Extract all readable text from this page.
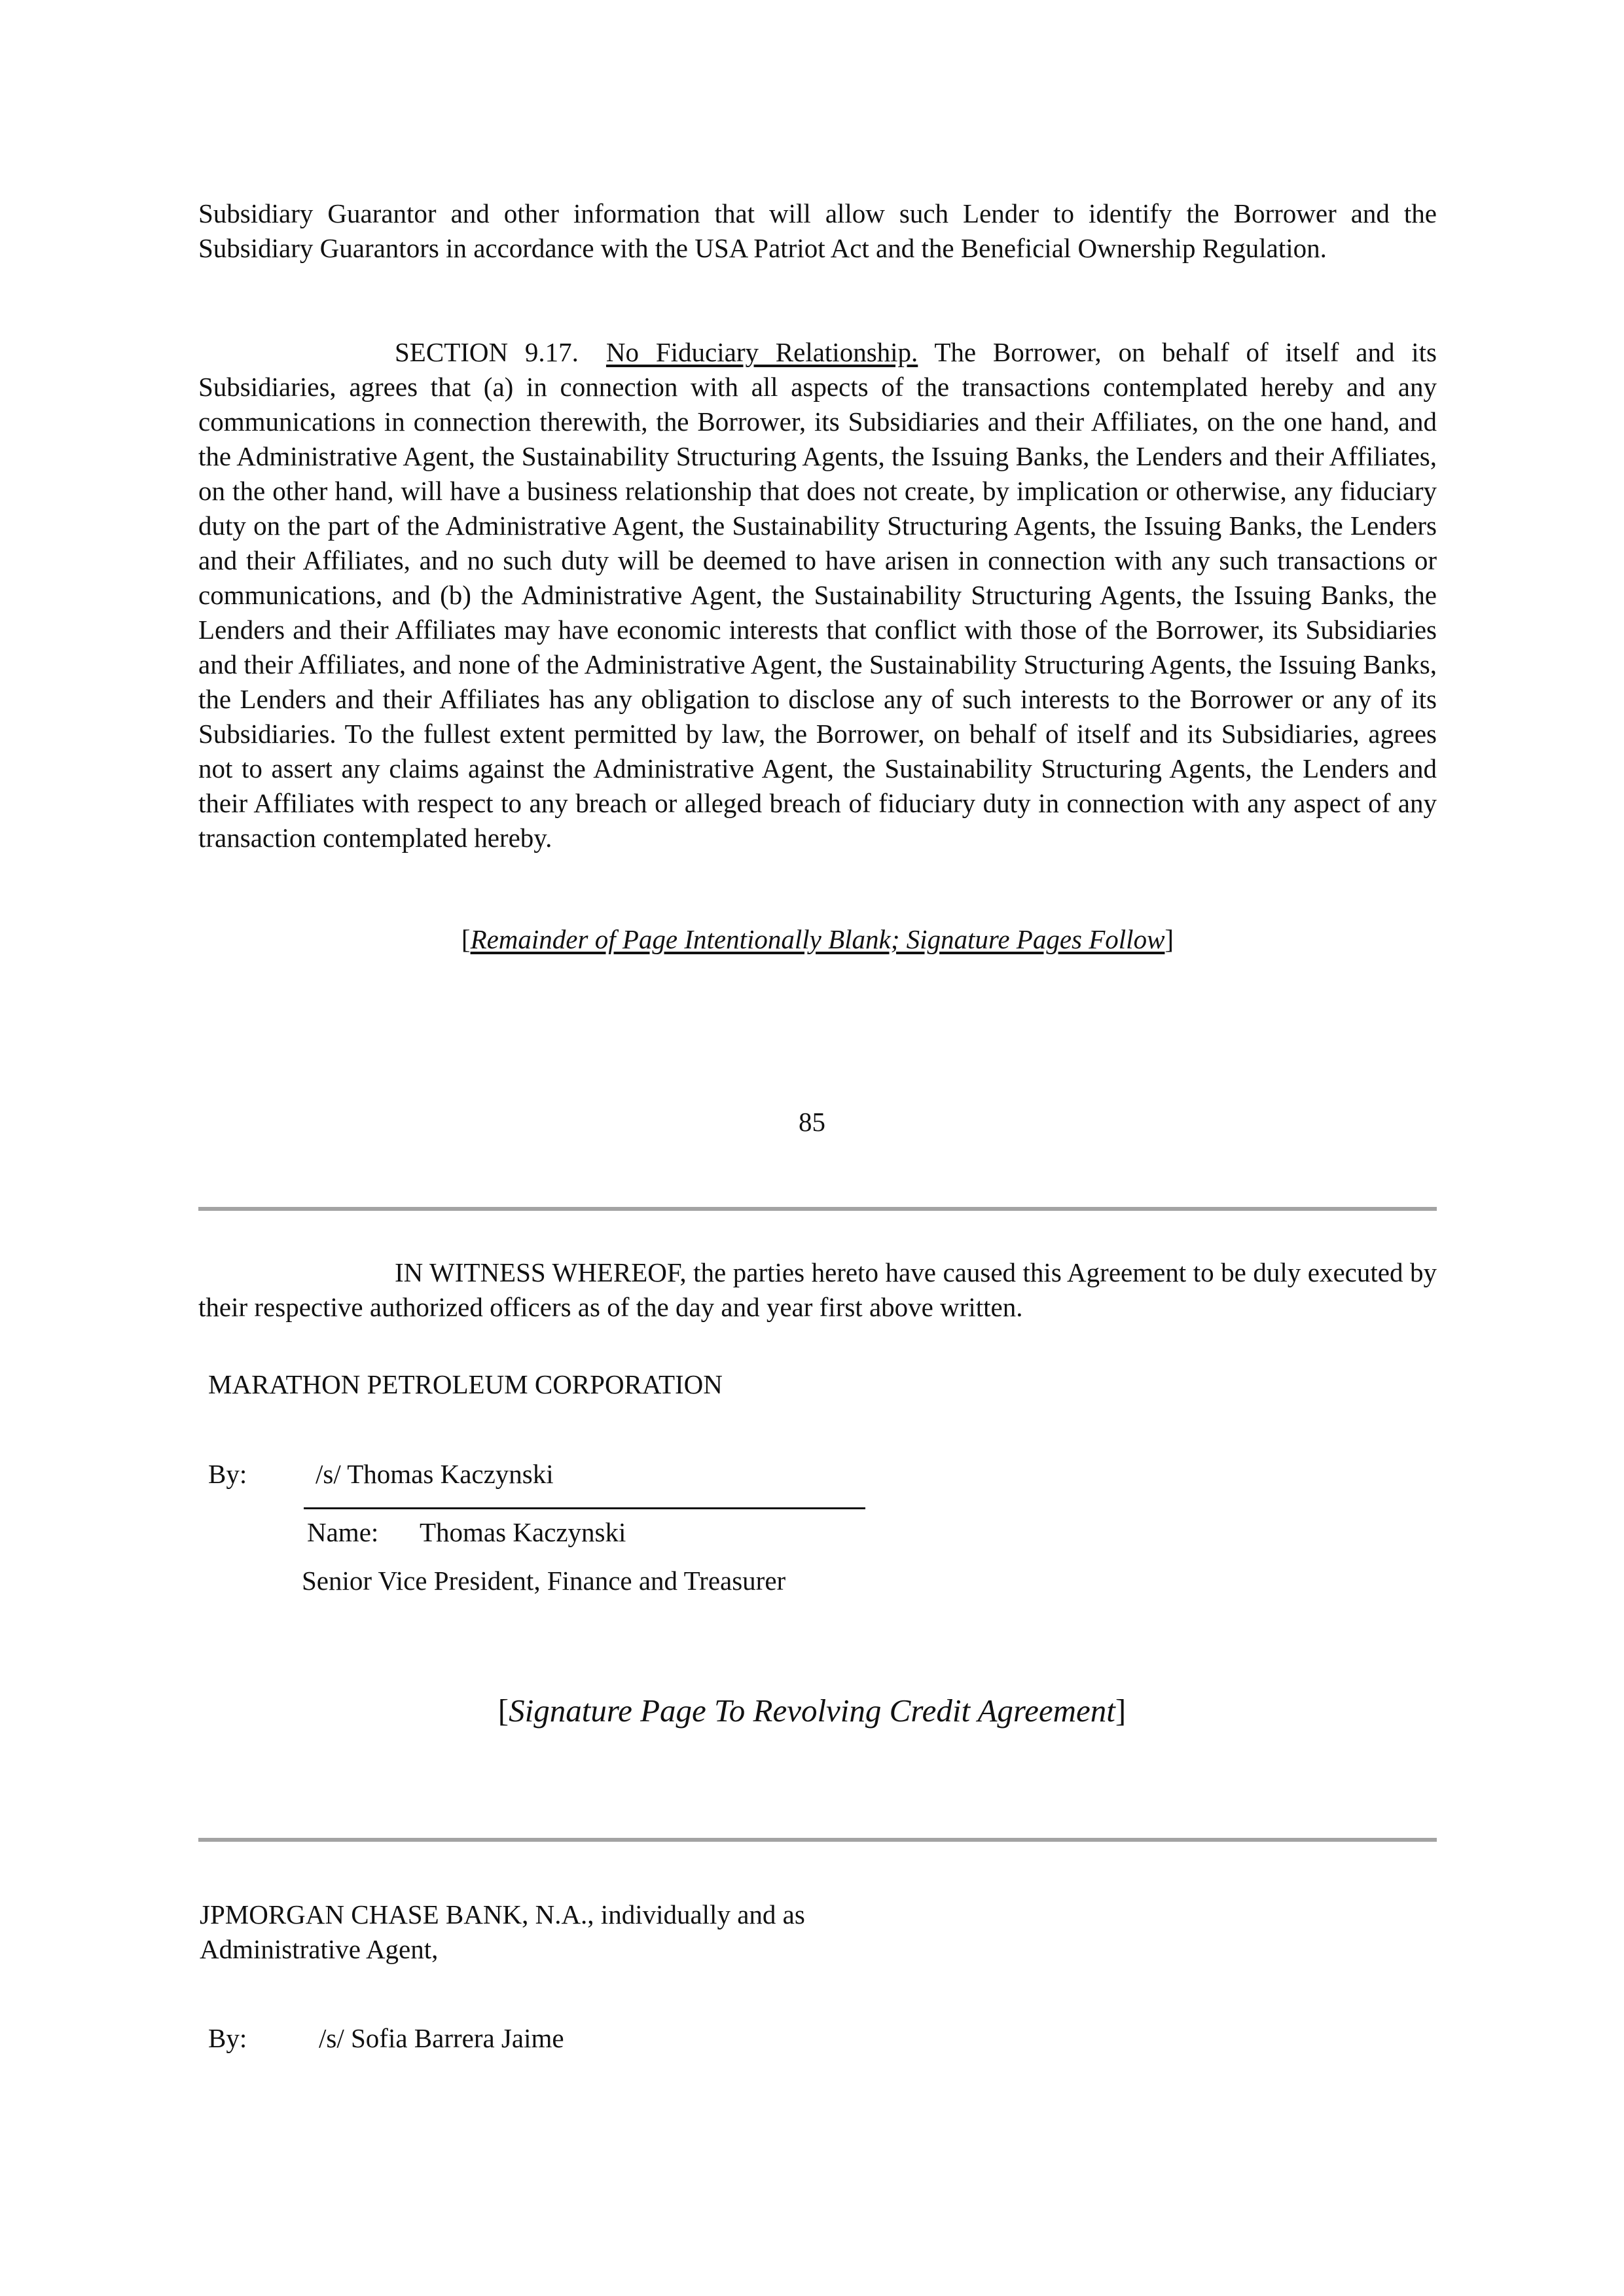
Subsidiary Guarantor and other information that will allow such Lender to identify the Borrower and the Subsidiary Guarantors in accordance with the USA Patriot Act and the Beneficial Ownership Regulation.
SECTION 9.17. No Fiduciary Relationship. The Borrower, on behalf of itself and its Subsidiaries, agrees that (a) in connection with all aspects of the transactions contemplated hereby and any communications in connection therewith, the Borrower, its Subsidiaries and their Affiliates, on the one hand, and the Administrative Agent, the Sustainability Structuring Agents, the Issuing Banks, the Lenders and their Affiliates, on the other hand, will have a business relationship that does not create, by implication or otherwise, any fiduciary duty on the part of the Administrative Agent, the Sustainability Structuring Agents, the Issuing Banks, the Lenders and their Affiliates, and no such duty will be deemed to have arisen in connection with any such transactions or communications, and (b) the Administrative Agent, the Sustainability Structuring Agents, the Issuing Banks, the Lenders and their Affiliates may have economic interests that conflict with those of the Borrower, its Subsidiaries and their Affiliates, and none of the Administrative Agent, the Sustainability Structuring Agents, the Issuing Banks, the Lenders and their Affiliates has any obligation to disclose any of such interests to the Borrower or any of its Subsidiaries. To the fullest extent permitted by law, the Borrower, on behalf of itself and its Subsidiaries, agrees not to assert any claims against the Administrative Agent, the Sustainability Structuring Agents, the Lenders and their Affiliates with respect to any breach or alleged breach of fiduciary duty in connection with any aspect of any transaction contemplated hereby.
[Remainder of Page Intentionally Blank; Signature Pages Follow]
85
IN WITNESS WHEREOF, the parties hereto have caused this Agreement to be duly executed by their respective authorized officers as of the day and year first above written.
MARATHON PETROLEUM CORPORATION
By:	/s/ Thomas Kaczynski
Name: Thomas Kaczynski
Senior Vice President, Finance and Treasurer
[Signature Page To Revolving Credit Agreement]
JPMORGAN CHASE BANK, N.A., individually and as
Administrative Agent,
By:	/s/ Sofia Barrera Jaime
